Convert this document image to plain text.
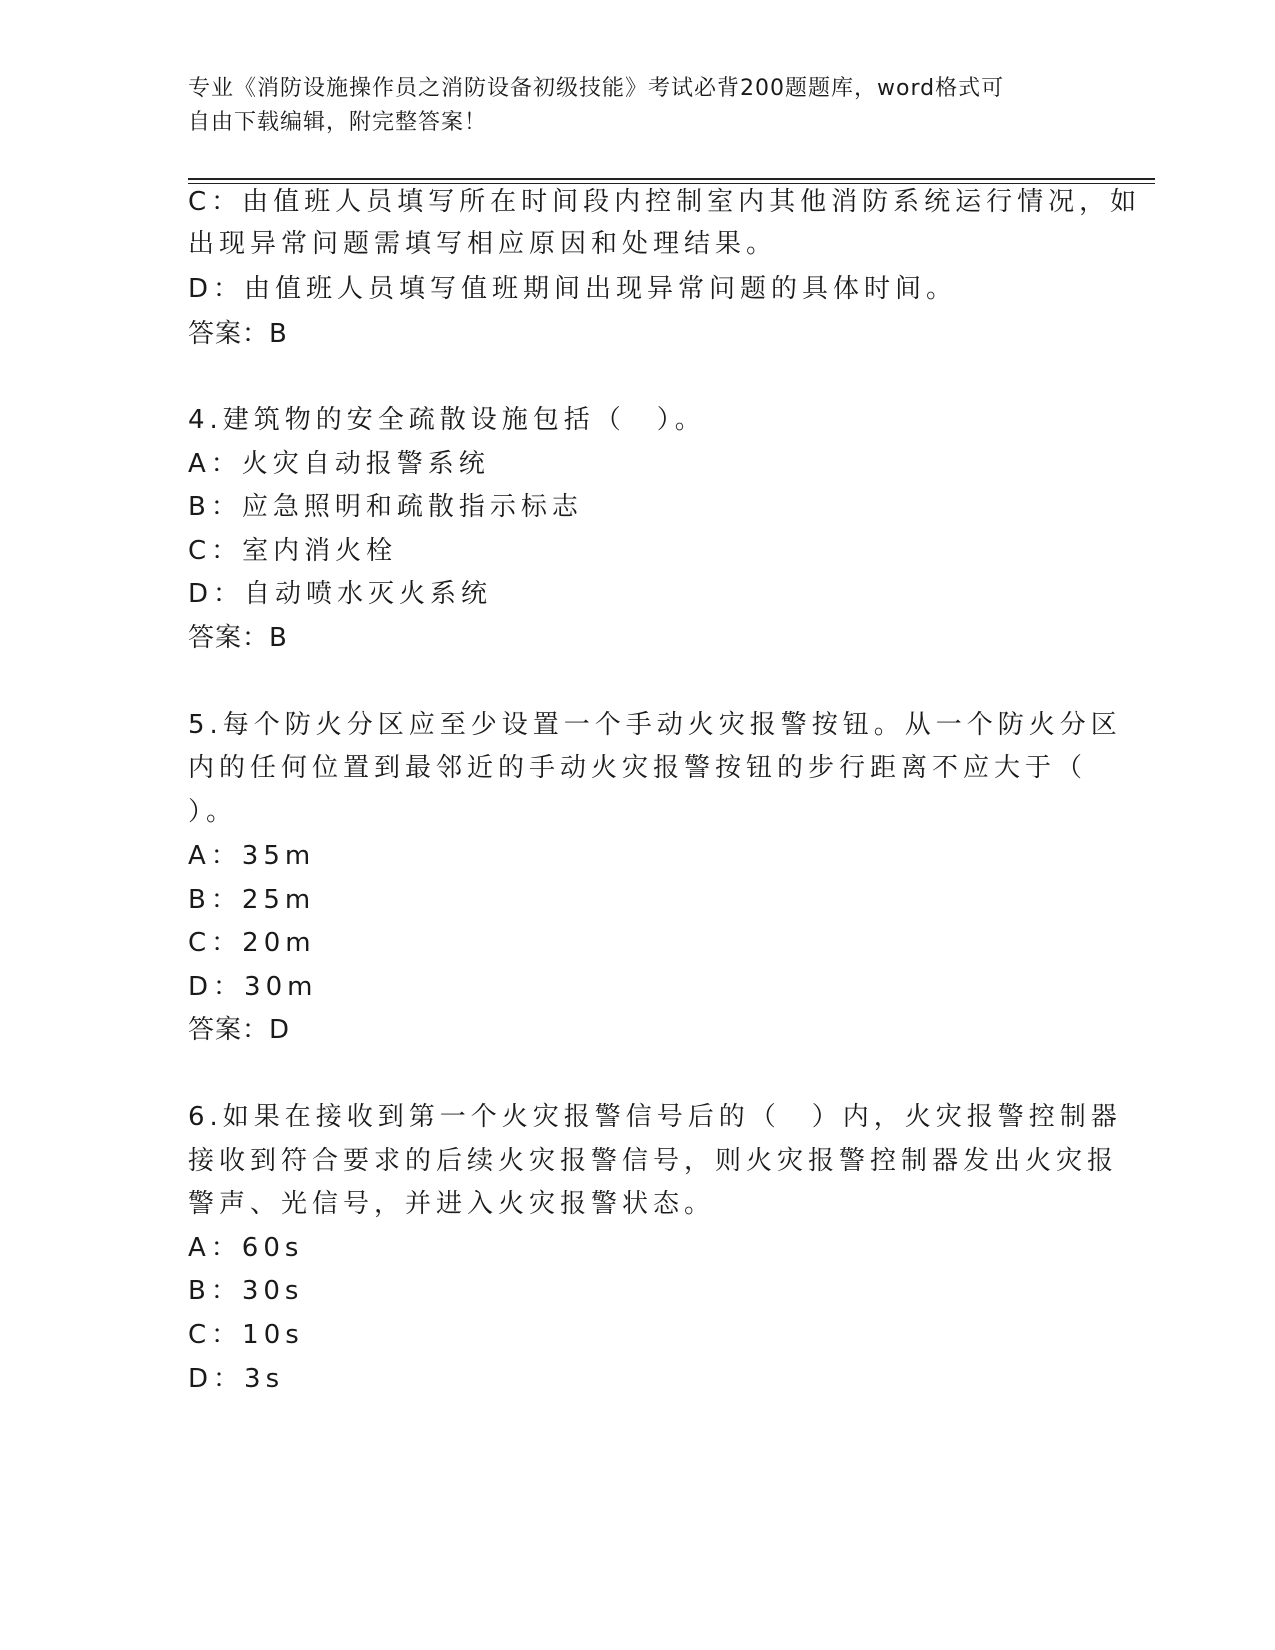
专业《消防设施操作员之消防设备初级技能》考试必背200题题库，word格式可
自由下载编辑，附完整答案！
C：由值班人员填写所在时间段内控制室内其他消防系统运行情况，如
出现异常问题需填写相应原因和处理结果。
D：由值班人员填写值班期间出现异常问题的具体时间。
答案：B
4.建筑物的安全疏散设施包括（　）。
A：火灾自动报警系统
B：应急照明和疏散指示标志
C：室内消火栓
D：自动喷水灭火系统
答案：B
5.每个防火分区应至少设置一个手动火灾报警按钮。从一个防火分区
内的任何位置到最邻近的手动火灾报警按钮的步行距离不应大于（
）。
A：35m
B：25m
C：20m
D：30m
答案：D
6.如果在接收到第一个火灾报警信号后的（　）内，火灾报警控制器
接收到符合要求的后续火灾报警信号，则火灾报警控制器发出火灾报
警声、光信号，并进入火灾报警状态。
A：60s
B：30s
C：10s
D：3s
